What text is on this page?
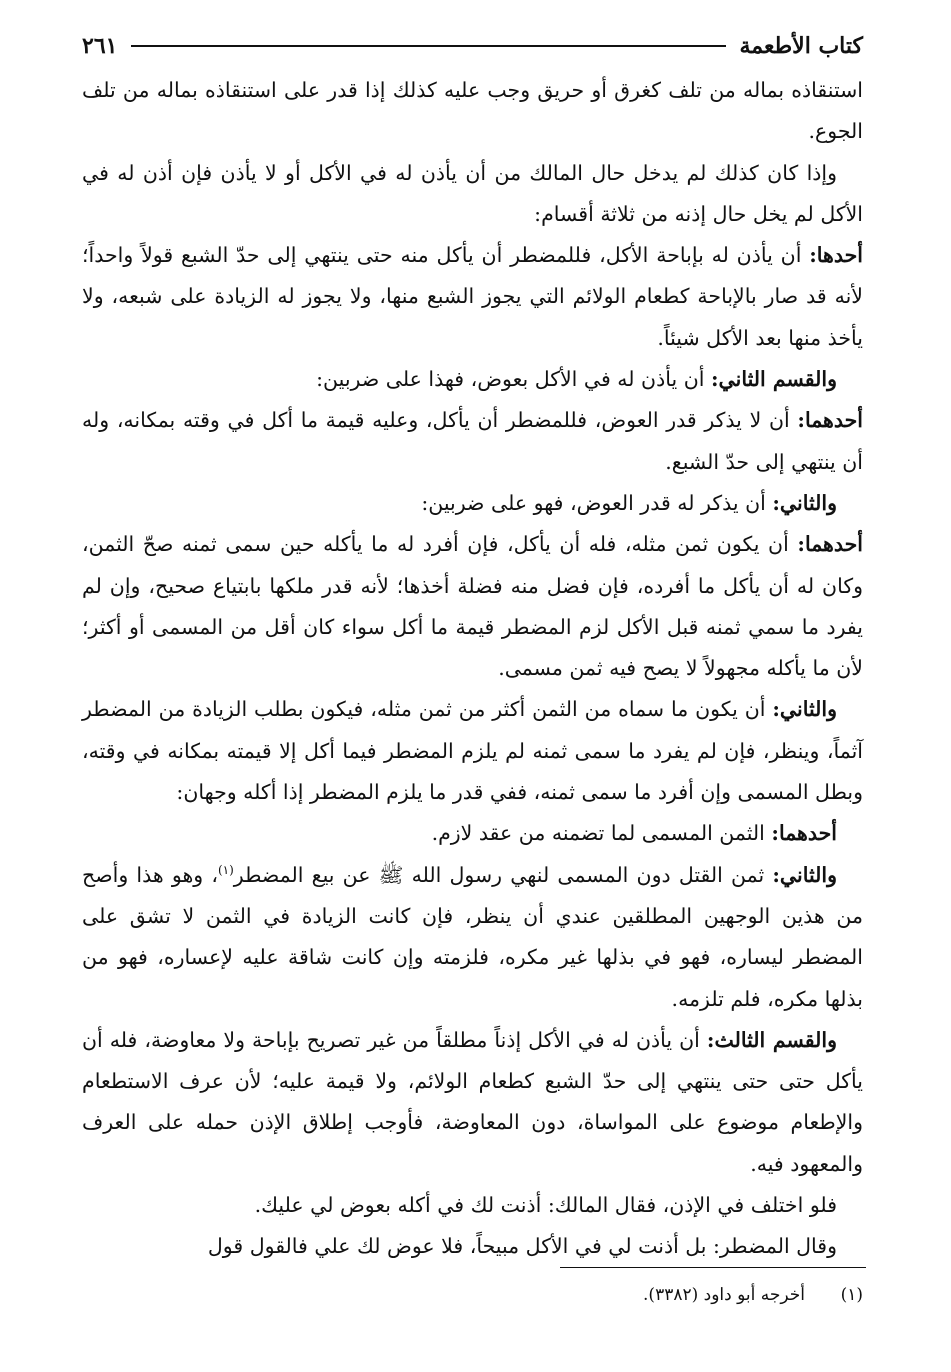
كتاب الأطعمة
٢٦١

استنقاذه بماله من تلف كغرق أو حريق وجب عليه كذلك إذا قدر على استنقاذه بماله من تلف الجوع.

وإذا كان كذلك لم يدخل حال المالك من أن يأذن له في الأكل أو لا يأذن فإن أذن له في الأكل لم يخل حال إذنه من ثلاثة أقسام:

أحدها: أن يأذن له بإباحة الأكل، فللمضطر أن يأكل منه حتى ينتهي إلى حدّ الشبع قولاً واحداً؛ لأنه قد صار بالإباحة كطعام الولائم التي يجوز الشبع منها، ولا يجوز له الزيادة على شبعه، ولا يأخذ منها بعد الأكل شيئاً.

والقسم الثاني: أن يأذن له في الأكل بعوض، فهذا على ضربين:

أحدهما: أن لا يذكر قدر العوض، فللمضطر أن يأكل، وعليه قيمة ما أكل في وقته بمكانه، وله أن ينتهي إلى حدّ الشبع.

والثاني: أن يذكر له قدر العوض، فهو على ضربين:

أحدهما: أن يكون ثمن مثله، فله أن يأكل، فإن أفرد له ما يأكله حين سمى ثمنه صحّ الثمن، وكان له أن يأكل ما أفرده، فإن فضل منه فضلة أخذها؛ لأنه قدر ملكها بابتياع صحيح، وإن لم يفرد ما سمي ثمنه قبل الأكل لزم المضطر قيمة ما أكل سواء كان أقل من المسمى أو أكثر؛ لأن ما يأكله مجهولاً لا يصح فيه ثمن مسمى.

والثاني: أن يكون ما سماه من الثمن أكثر من ثمن مثله، فيكون بطلب الزيادة من المضطر آثماً، وينظر، فإن لم يفرد ما سمى ثمنه لم يلزم المضطر فيما أكل إلا قيمته بمكانه في وقته، وبطل المسمى وإن أفرد ما سمى ثمنه، ففي قدر ما يلزم المضطر إذا أكله وجهان:

أحدهما: الثمن المسمى لما تضمنه من عقد لازم.

والثاني: ثمن القتل دون المسمى لنهي رسول الله ﷺ عن بيع المضطر$^{(١)}$، وهو هذا وأصح من هذين الوجهين المطلقين عندي أن ينظر، فإن كانت الزيادة في الثمن لا تشق على المضطر ليساره، فهو في بذلها غير مكره، فلزمته وإن كانت شاقة عليه لإعساره، فهو من بذلها مكره، فلم تلزمه.

والقسم الثالث: أن يأذن له في الأكل إذناً مطلقاً من غير تصريح بإباحة ولا معاوضة، فله أن يأكل حتى حتى ينتهي إلى حدّ الشبع كطعام الولائم، ولا قيمة عليه؛ لأن عرف الاستطعام والإطعام موضوع على المواساة، دون المعاوضة، فأوجب إطلاق الإذن حمله على العرف والمعهود فيه.

فلو اختلف في الإذن، فقال المالك: أذنت لك في أكله بعوض لي عليك.

وقال المضطر: بل أذنت لي في الأكل مبيحاً، فلا عوض لك علي فالقول قول

(١)أخرجه أبو داود (٣٣٨٢).
